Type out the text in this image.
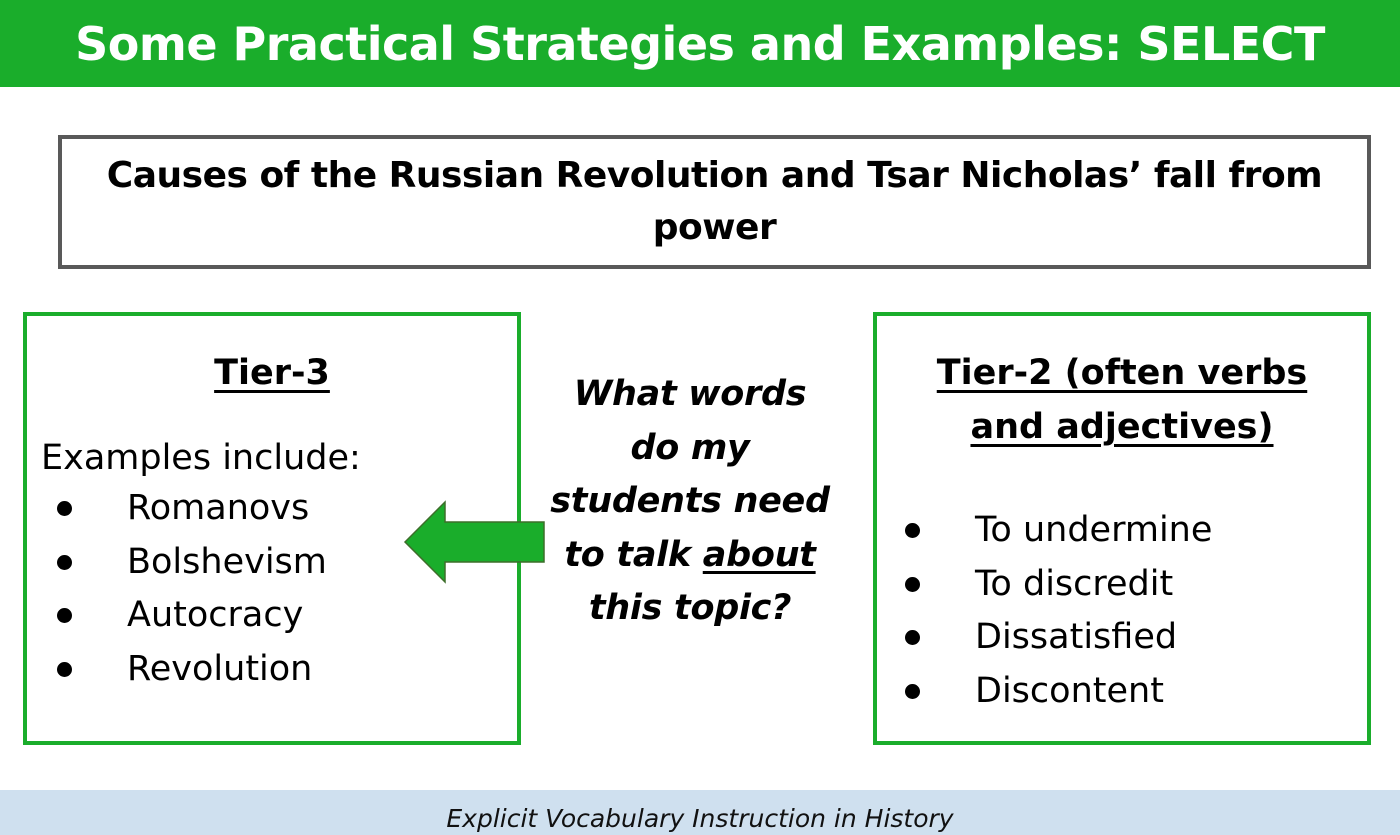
Some Practical Strategies and Examples: SELECT

Causes of the Russian Revolution and Tsar Nicholas’ fall from power

Tier-3
Examples include:
Romanovs
Bolshevism
Autocracy
Revolution
What words do my students need to talk about this topic?
Tier-2 (often verbs and adjectives)
To undermine
To discredit
Dissatisfied
Discontent
Explicit Vocabulary Instruction in History
